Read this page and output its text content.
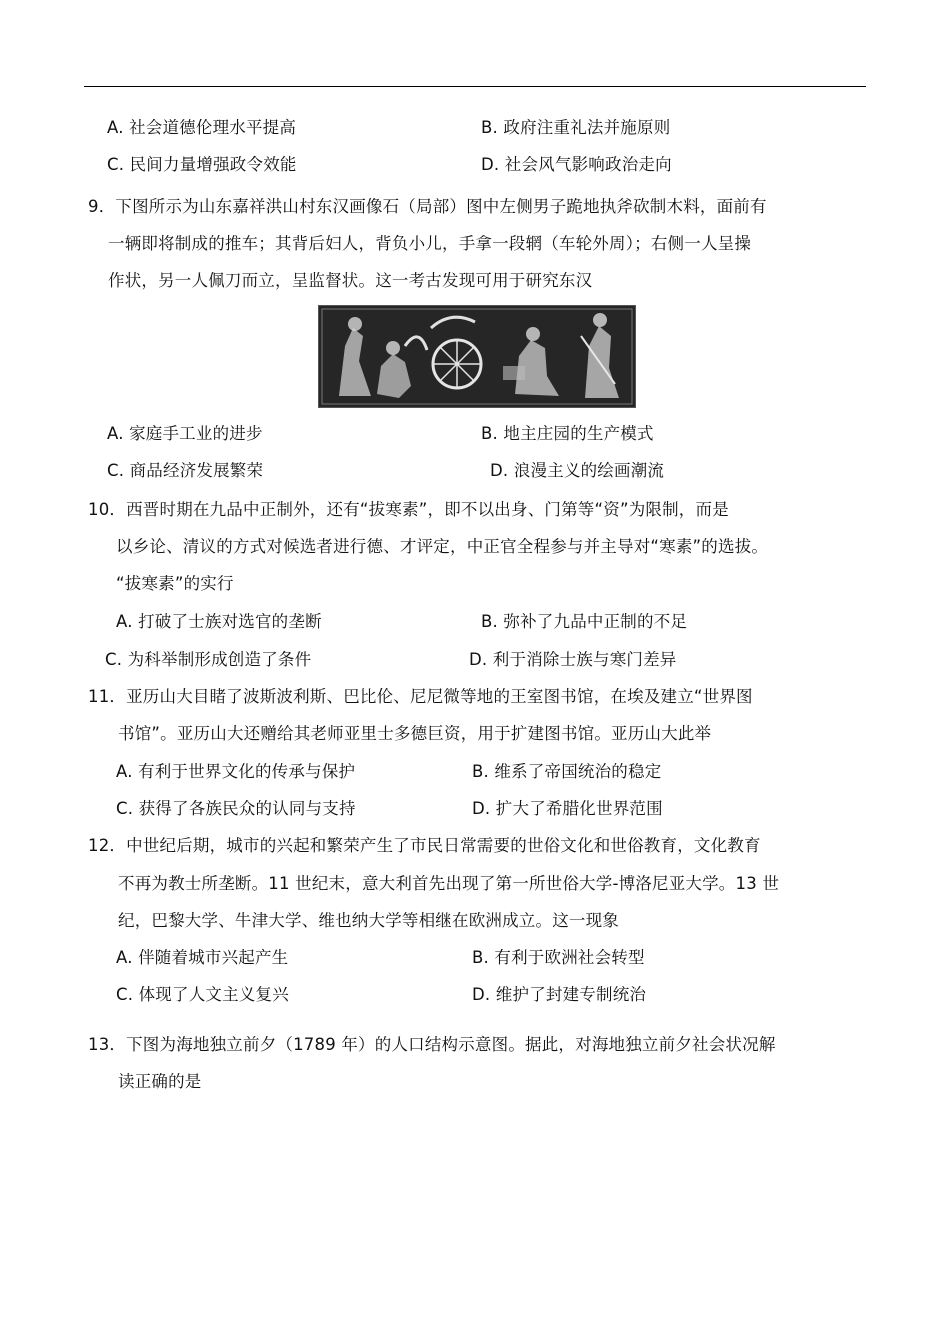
A. 社会道德伦理水平提高	B. 政府注重礼法并施原则
C. 民间力量增强政令效能	D. 社会风气影响政治走向
9．下图所示为山东嘉祥洪山村东汉画像石（局部）图中左侧男子跪地执斧砍制木料，面前有
一辆即将制成的推车；其背后妇人，背负小儿，手拿一段辋（车轮外周）；右侧一人呈操
作状，另一人佩刀而立，呈监督状。这一考古发现可用于研究东汉
A. 家庭手工业的进步	B. 地主庄园的生产模式
C. 商品经济发展繁荣	D. 浪漫主义的绘画潮流
10．西晋时期在九品中正制外，还有“拔寒素”，即不以出身、门第等“资”为限制，而是
以乡论、清议的方式对候选者进行德、才评定，中正官全程参与并主导对“寒素”的选拔。
“拔寒素”的实行
A. 打破了士族对选官的垄断	B. 弥补了九品中正制的不足
C. 为科举制形成创造了条件	D. 利于消除士族与寒门差异
11．亚历山大目睹了波斯波利斯、巴比伦、尼尼微等地的王室图书馆，在埃及建立“世界图
书馆”。亚历山大还赠给其老师亚里士多德巨资，用于扩建图书馆。亚历山大此举
A. 有利于世界文化的传承与保护	B. 维系了帝国统治的稳定
C. 获得了各族民众的认同与支持	D. 扩大了希腊化世界范围
12．中世纪后期，城市的兴起和繁荣产生了市民日常需要的世俗文化和世俗教育，文化教育
不再为教士所垄断。11 世纪末，意大利首先出现了第一所世俗大学-博洛尼亚大学。13 世
纪，巴黎大学、牛津大学、维也纳大学等相继在欧洲成立。这一现象
A. 伴随着城市兴起产生	B. 有利于欧洲社会转型
C. 体现了人文主义复兴	D. 维护了封建专制统治
13．下图为海地独立前夕（1789 年）的人口结构示意图。据此，对海地独立前夕社会状况解
读正确的是
